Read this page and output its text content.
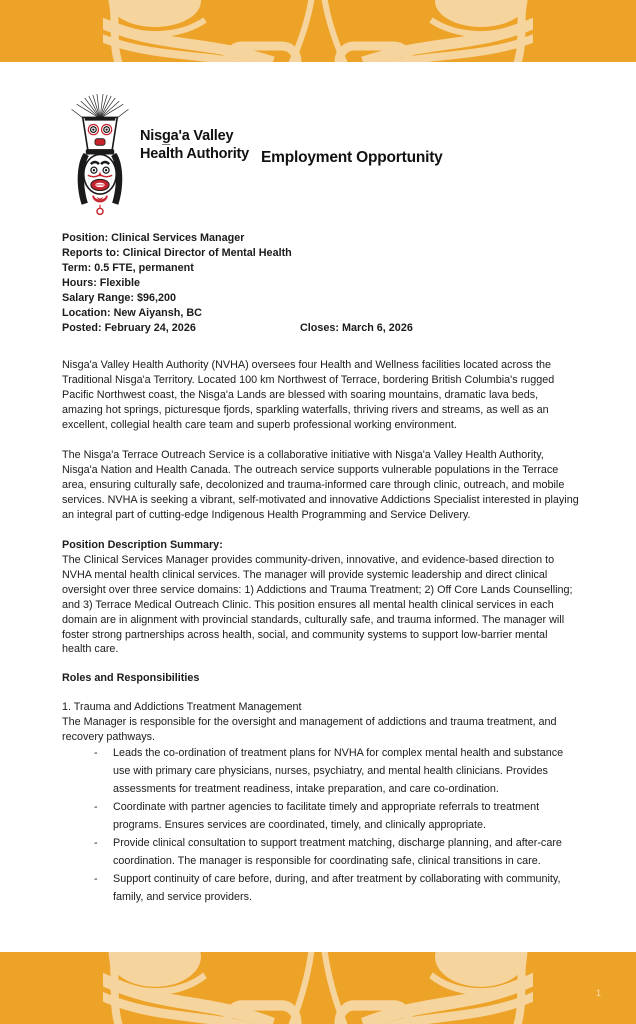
Nisg̲a'a Valley
Health Authority Employment Opportunity
Position: Clinical Services Manager
Reports to: Clinical Director of Mental Health
Term: 0.5 FTE, permanent
Hours: Flexible
Salary Range: $96,200
Location: New Aiyansh, BC
Posted: February 24, 2026	Closes: March 6, 2026
Nisga'a Valley Health Authority (NVHA) oversees four Health and Wellness facilities located across the Traditional Nisga'a Territory. Located 100 km Northwest of Terrace, bordering British Columbia's rugged Pacific Northwest coast, the Nisga'a Lands are blessed with soaring mountains, dramatic lava beds, amazing hot springs, picturesque fjords, sparkling waterfalls, thriving rivers and streams, as well as an excellent, collegial health care team and superb professional working environment.
The Nisga'a Terrace Outreach Service is a collaborative initiative with Nisga'a Valley Health Authority, Nisga'a Nation and Health Canada. The outreach service supports vulnerable populations in the Terrace area, ensuring culturally safe, decolonized and trauma-informed care through clinic, outreach, and mobile services. NVHA is seeking a vibrant, self-motivated and innovative Addictions Specialist interested in playing an integral part of cutting-edge Indigenous Health Programming and Service Delivery.
Position Description Summary:
The Clinical Services Manager provides community-driven, innovative, and evidence-based direction to NVHA mental health clinical services. The manager will provide systemic leadership and direct clinical oversight over three service domains: 1) Addictions and Trauma Treatment; 2) Off Core Lands Counselling; and 3) Terrace Medical Outreach Clinic. This position ensures all mental health clinical services in each domain are in alignment with provincial standards, culturally safe, and trauma informed. The manager will foster strong partnerships across health, social, and community systems to support low-barrier mental health care.
Roles and Responsibilities
1. Trauma and Addictions Treatment Management
The Manager is responsible for the oversight and management of addictions and trauma treatment, and recovery pathways.
- Leads the co-ordination of treatment plans for NVHA for complex mental health and substance use with primary care physicians, nurses, psychiatry, and mental health clinicians. Provides assessments for treatment readiness, intake preparation, and care co-ordination.
- Coordinate with partner agencies to facilitate timely and appropriate referrals to treatment programs. Ensures services are coordinated, timely, and clinically appropriate.
- Provide clinical consultation to support treatment matching, discharge planning, and after-care coordination. The manager is responsible for coordinating safe, clinical transitions in care.
- Support continuity of care before, during, and after treatment by collaborating with community, family, and service providers.
1
